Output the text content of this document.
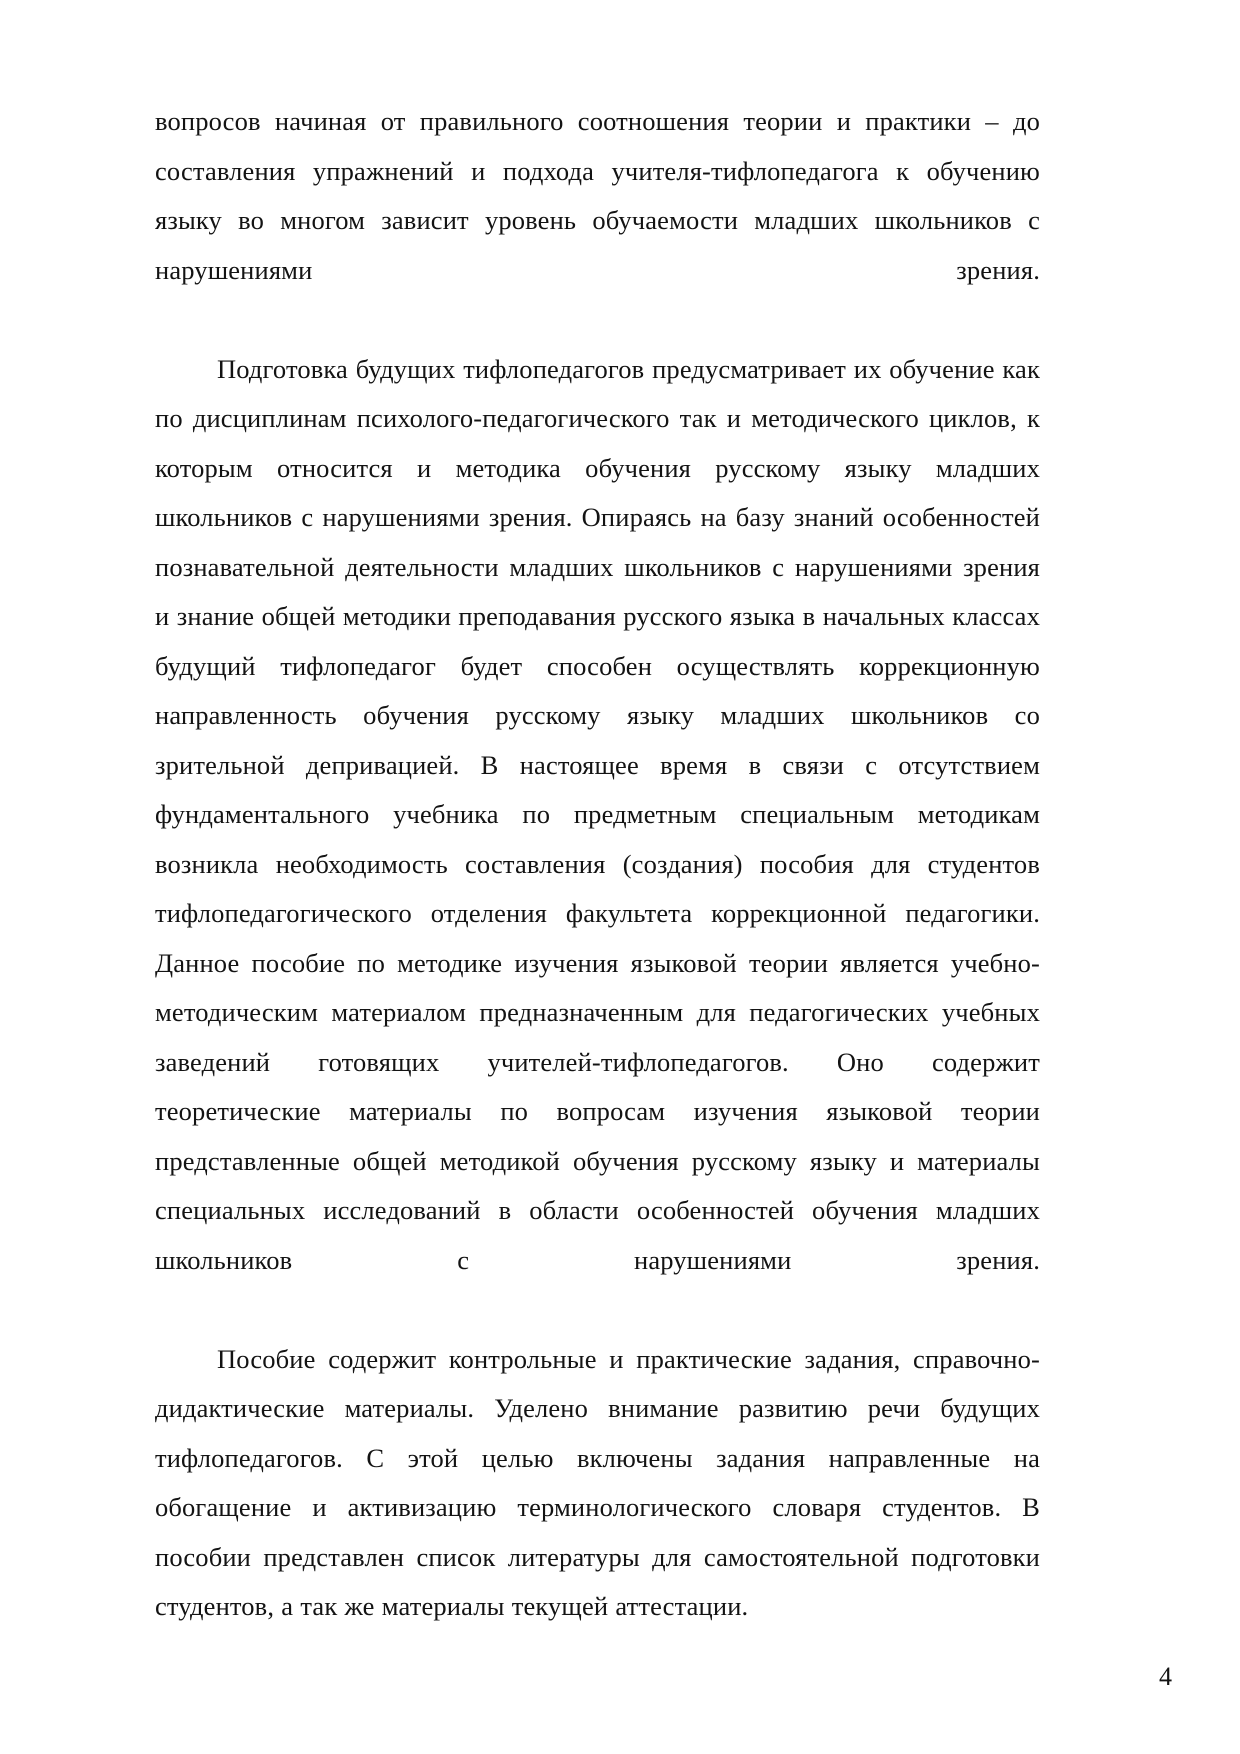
вопросов начиная от правильного соотношения теории и практики – до составления упражнений и подхода учителя-тифлопедагога к обучению языку во многом зависит уровень обучаемости младших школьников с нарушениями зрения.

Подготовка будущих тифлопедагогов предусматривает их обучение как по дисциплинам психолого-педагогического так и методического циклов, к которым относится и методика обучения русскому языку младших школьников с нарушениями зрения. Опираясь на базу знаний особенностей познавательной деятельности младших школьников с нарушениями зрения и знание общей методики преподавания русского языка в начальных классах будущий тифлопедагог будет способен осуществлять коррекционную направленность обучения русскому языку младших школьников со зрительной депривацией. В настоящее время в связи с отсутствием фундаментального учебника по предметным специальным методикам возникла необходимость составления (создания) пособия для студентов тифлопедагогического отделения факультета коррекционной педагогики. Данное пособие по методике изучения языковой теории является учебно-методическим материалом предназначенным для педагогических учебных заведений готовящих учителей-тифлопедагогов. Оно содержит теоретические материалы по вопросам изучения языковой теории представленные общей методикой обучения русскому языку и материалы специальных исследований в области особенностей обучения младших школьников с нарушениями зрения.

Пособие содержит контрольные и практические задания, справочно-дидактические материалы. Уделено внимание развитию речи будущих тифлопедагогов. С этой целью включены задания направленные на обогащение и активизацию терминологического словаря студентов. В пособии представлен список литературы для самостоятельной подготовки студентов, а так же материалы текущей аттестации.

4
